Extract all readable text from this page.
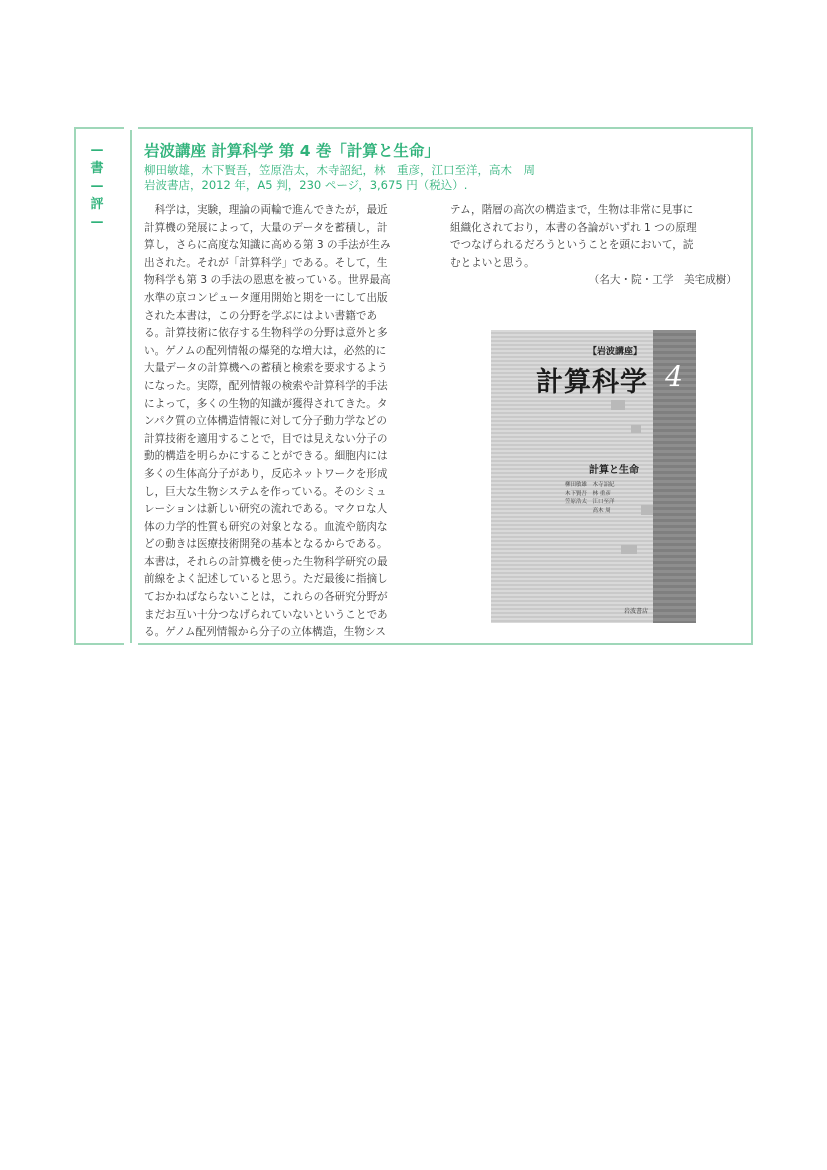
—
書
—
評
—
岩波講座 計算科学 第 4 巻「計算と生命」
柳田敏雄，木下賢吾，笠原浩太，木寺詔紀，林　重彦，江口至洋，高木　周
岩波書店，2012 年，A5 判，230 ページ，3,675 円（税込）.
　科学は，実験，理論の両輪で進んできたが，最近
計算機の発展によって，大量のデータを蓄積し，計
算し，さらに高度な知識に高める第 3 の手法が生み
出された。それが「計算科学」である。そして，生
物科学も第 3 の手法の恩恵を被っている。世界最高
水準の京コンピュータ運用開始と期を一にして出版
された本書は，この分野を学ぶにはよい書籍であ
る。計算技術に依存する生物科学の分野は意外と多
い。ゲノムの配列情報の爆発的な増大は，必然的に
大量データの計算機への蓄積と検索を要求するよう
になった。実際，配列情報の検索や計算科学的手法
によって，多くの生物的知識が獲得されてきた。タ
ンパク質の立体構造情報に対して分子動力学などの
計算技術を適用することで，目では見えない分子の
動的構造を明らかにすることができる。細胞内には
多くの生体高分子があり，反応ネットワークを形成
し，巨大な生物システムを作っている。そのシミュ
レーションは新しい研究の流れである。マクロな人
体の力学的性質も研究の対象となる。血流や筋肉な
どの動きは医療技術開発の基本となるからである。
本書は，それらの計算機を使った生物科学研究の最
前線をよく記述していると思う。ただ最後に指摘し
ておかねばならないことは，これらの各研究分野が
まだお互い十分つなげられていないということであ
る。ゲノム配列情報から分子の立体構造，生物シス
テム，階層の高次の構造まで，生物は非常に見事に
組織化されており，本書の各論がいずれ 1 つの原理
でつなげられるだろうということを頭において，読
むとよいと思う。
（名大・院・工学　美宅成樹）
【岩波講座】
計算科学 4
計算と生命
柳田敏雄　木寺詔紀
木下賢吾　林 重彦
笠原浩太　江口至洋
　　　　　高木 周
岩波書店
